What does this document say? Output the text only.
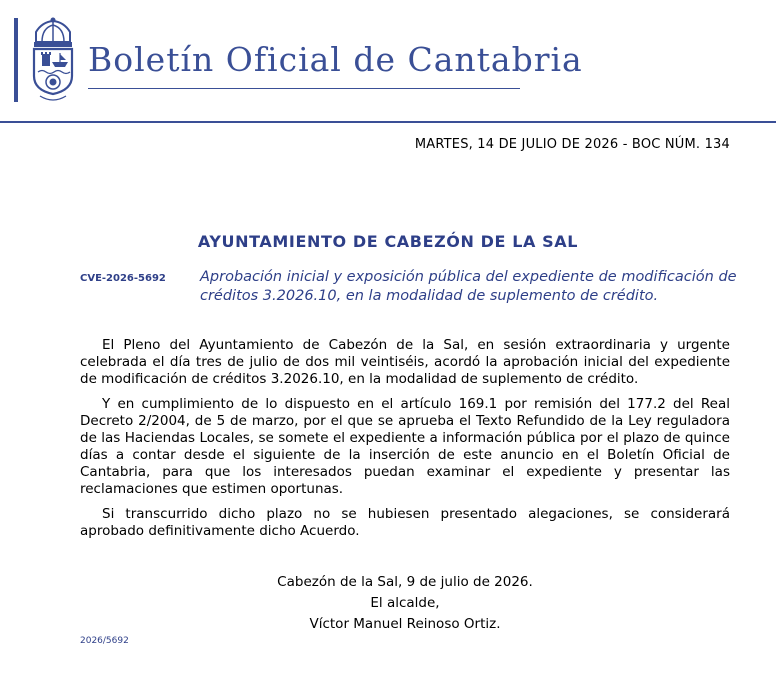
Boletín Oficial de Cantabria
MARTES, 14 DE JULIO DE 2026 - BOC NÚM. 134
AYUNTAMIENTO DE CABEZÓN DE LA SAL
CVE-2026-5692 Aprobación inicial y exposición pública del expediente de modificación de créditos 3.2026.10, en la modalidad de suplemento de crédito.

El Pleno del Ayuntamiento de Cabezón de la Sal, en sesión extraordinaria y urgente celebrada el día tres de julio de dos mil veintiséis, acordó la aprobación inicial del expediente de modificación de créditos 3.2026.10, en la modalidad de suplemento de crédito.

Y en cumplimiento de lo dispuesto en el artículo 169.1 por remisión del 177.2 del Real Decreto 2/2004, de 5 de marzo, por el que se aprueba el Texto Refundido de la Ley reguladora de las Haciendas Locales, se somete el expediente a información pública por el plazo de quince días a contar desde el siguiente de la inserción de este anuncio en el Boletín Oficial de Cantabria, para que los interesados puedan examinar el expediente y presentar las reclamaciones que estimen oportunas.

Si transcurrido dicho plazo no se hubiesen presentado alegaciones, se considerará aprobado definitivamente dicho Acuerdo.

Cabezón de la Sal, 9 de julio de 2026.
El alcalde,
Víctor Manuel Reinoso Ortiz.
2026/5692
